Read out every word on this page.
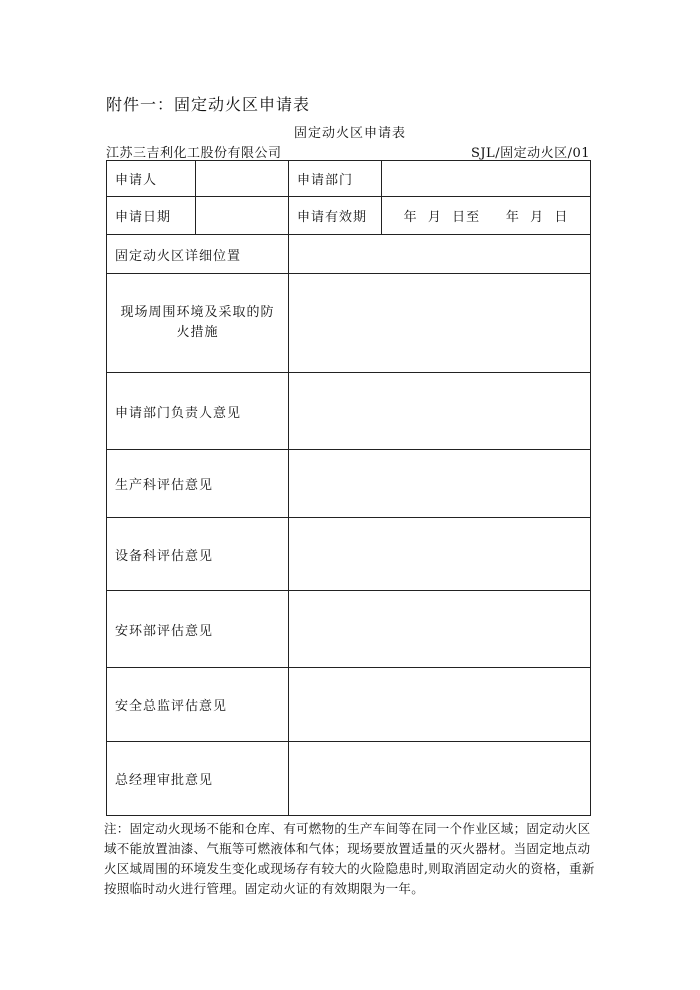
附件一：固定动火区申请表
固定动火区申请表
江苏三吉利化工股份有限公司	SJL/固定动火区/01
申请人		申请部门	
申请日期		申请有效期	年  月  日至     年  月  日
固定动火区详细位置			
现场周围环境及采取的防火措施			
申请部门负责人意见			
生产科评估意见			
设备科评估意见			
安环部评估意见			
安全总监评估意见			
总经理审批意见			
注：固定动火现场不能和仓库、有可燃物的生产车间等在同一个作业区域；固定动火区域不能放置油漆、气瓶等可燃液体和气体；现场要放置适量的灭火器材。当固定地点动火区域周围的环境发生变化或现场存有较大的火险隐患时,则取消固定动火的资格，重新按照临时动火进行管理。固定动火证的有效期限为一年。
